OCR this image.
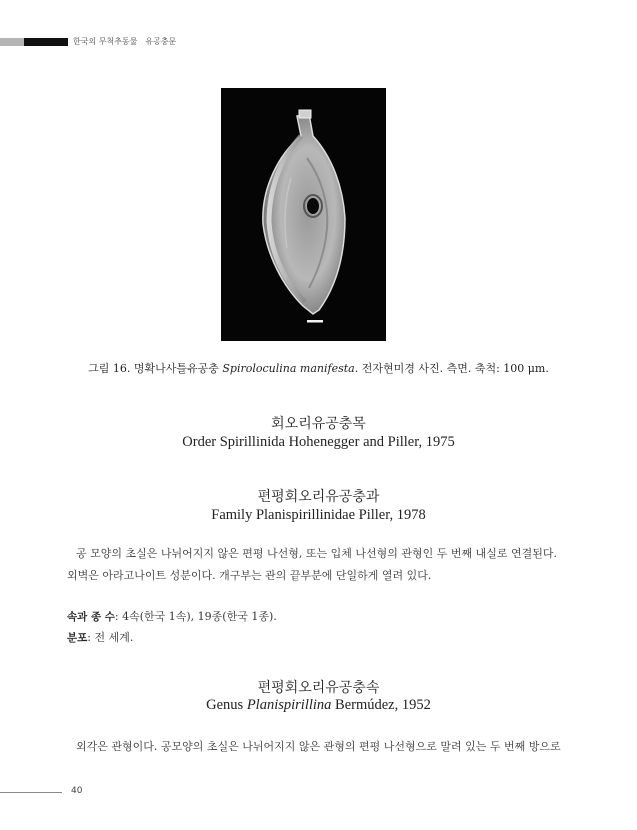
한국의 무척추동물 유공충문
그림 16. 명확나사틀유공충 Spiroloculina manifesta. 전자현미경 사진. 측면. 축척: 100 μm.
회오리유공충목
Order Spirillinida Hohenegger and Piller, 1975
편평회오리유공충과
Family Planispirillinidae Piller, 1978
공 모양의 초실은 나뉘어지지 않은 편평 나선형, 또는 입체 나선형의 관형인 두 번째 내실로 연결된다.
외벽은 아라고나이트 성분이다. 개구부는 관의 끝부분에 단일하게 열려 있다.
속과 종 수: 4속(한국 1속), 19종(한국 1종).
분포: 전 세계.
편평회오리유공충속
Genus Planispirillina Bermúdez, 1952
외각은 관형이다. 공모양의 초실은 나뉘어지지 않은 관형의 편평 나선형으로 말려 있는 두 번째 방으로
40
